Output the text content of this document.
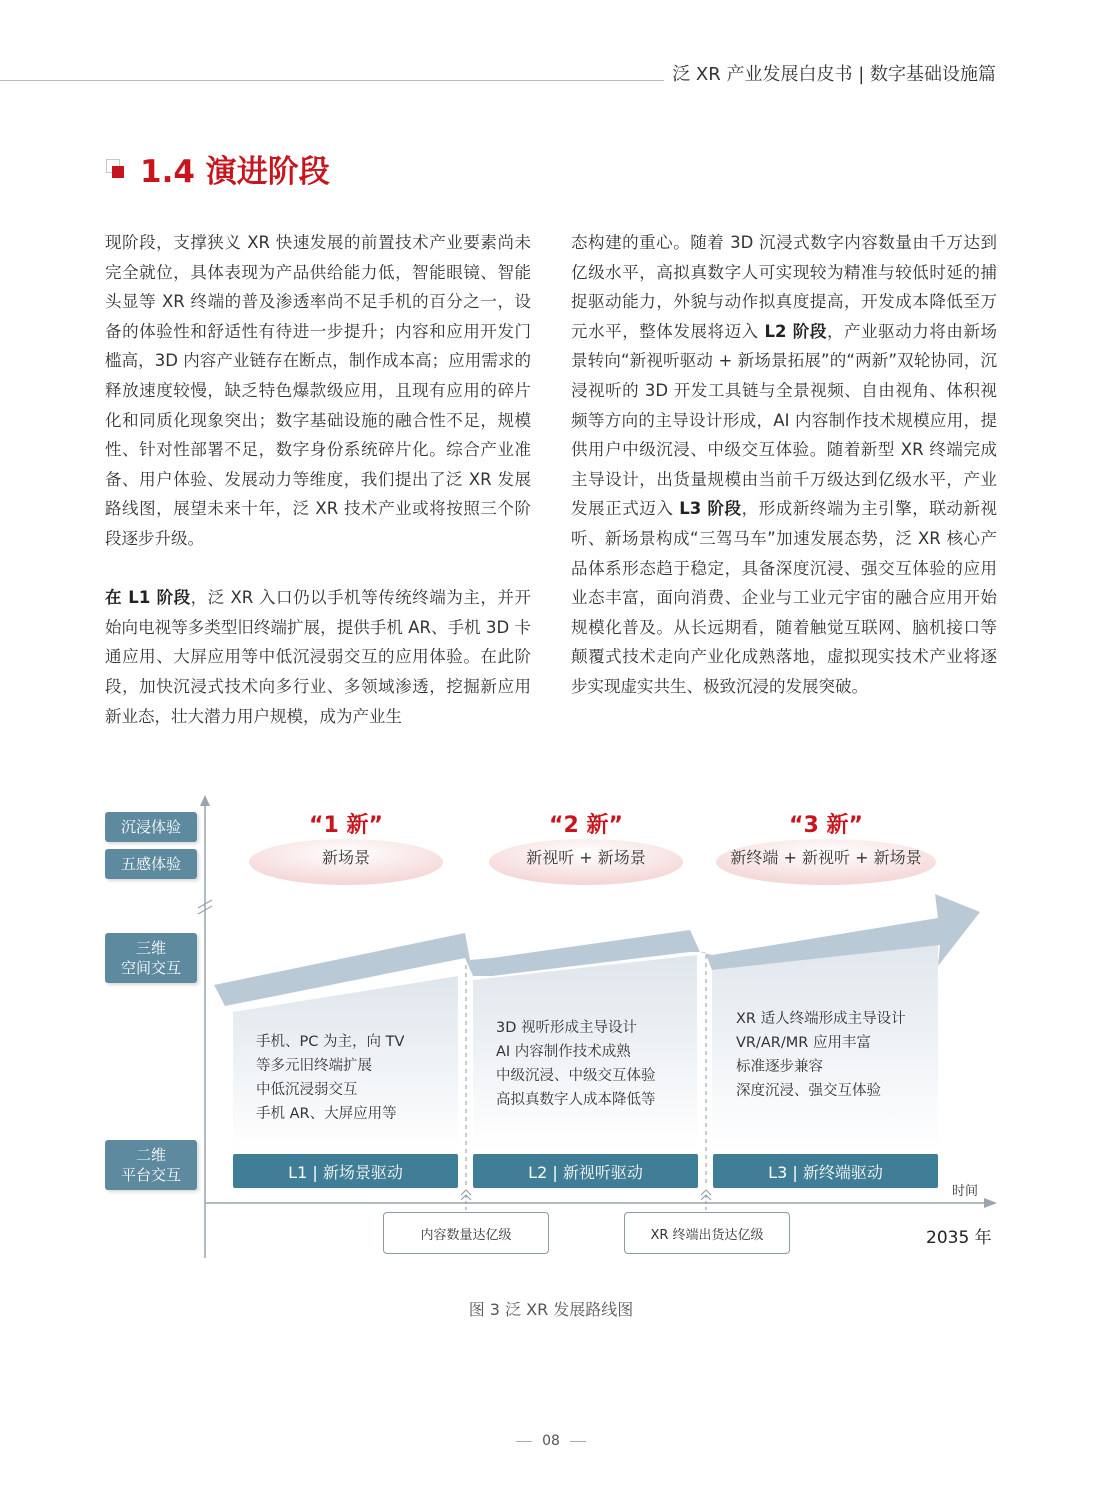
泛 XR 产业发展白皮书 | 数字基础设施篇
1.4 演进阶段

现阶段，支撑狭义 XR 快速发展的前置技术产业要素尚未完全就位，具体表现为产品供给能力低，智能眼镜、智能头显等 XR 终端的普及渗透率尚不足手机的百分之一，设备的体验性和舒适性有待进一步提升；内容和应用开发门槛高，3D 内容产业链存在断点，制作成本高；应用需求的释放速度较慢，缺乏特色爆款级应用，且现有应用的碎片化和同质化现象突出；数字基础设施的融合性不足，规模性、针对性部署不足，数字身份系统碎片化。综合产业准备、用户体验、发展动力等维度，我们提出了泛 XR 发展路线图，展望未来十年，泛 XR 技术产业或将按照三个阶段逐步升级。

在 L1 阶段，泛 XR 入口仍以手机等传统终端为主，并开始向电视等多类型旧终端扩展，提供手机 AR、手机 3D 卡通应用、大屏应用等中低沉浸弱交互的应用体验。在此阶段，加快沉浸式技术向多行业、多领域渗透，挖掘新应用新业态，壮大潜力用户规模，成为产业生

态构建的重心。随着 3D 沉浸式数字内容数量由千万达到亿级水平，高拟真数字人可实现较为精准与较低时延的捕捉驱动能力，外貌与动作拟真度提高，开发成本降低至万元水平，整体发展将迈入 L2 阶段，产业驱动力将由新场景转向“新视听驱动 + 新场景拓展”的“两新”双轮协同，沉浸视听的 3D 开发工具链与全景视频、自由视角、体积视频等方向的主导设计形成，AI 内容制作技术规模应用，提供用户中级沉浸、中级交互体验。随着新型 XR 终端完成主导设计，出货量规模由当前千万级达到亿级水平，产业发展正式迈入 L3 阶段，形成新终端为主引擎，联动新视听、新场景构成“三驾马车”加速发展态势，泛 XR 核心产品体系形态趋于稳定，具备深度沉浸、强交互体验的应用业态丰富，面向消费、企业与工业元宇宙的融合应用开始规模化普及。从长远期看，随着触觉互联网、脑机接口等颠覆式技术走向产业化成熟落地，虚拟现实技术产业将逐步实现虚实共生、极致沉浸的发展突破。

沉浸体验
五感体验
三维
空间交互
二维
平台交互
“1 新”
新场景
“2 新”
新视听 + 新场景
“3 新”
新终端 + 新视听 + 新场景
手机、PC 为主，向 TV
等多元旧终端扩展
中低沉浸弱交互
手机 AR、大屏应用等
3D 视听形成主导设计
AI 内容制作技术成熟
中级沉浸、中级交互体验
高拟真数字人成本降低等
XR 适人终端形成主导设计
VR/AR/MR 应用丰富
标准逐步兼容
深度沉浸、强交互体验
L1 | 新场景驱动	L2 | 新视听驱动	L3 | 新终端驱动
内容数量达亿级	XR 终端出货达亿级
时间
2035 年
图 3 泛 XR 发展路线图
08
